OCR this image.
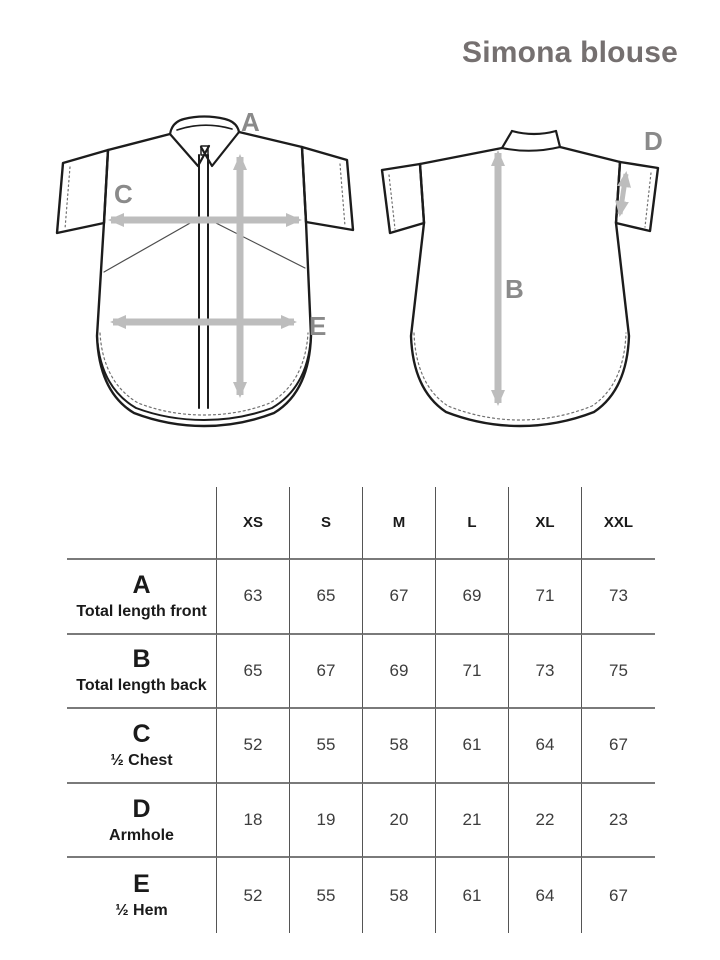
Simona blouse
A
C
E
B
D
XS	S	M	L	XL	XXL
A
Total length front
63	65	67	69	71	73
B
Total length back
65	67	69	71	73	75
C
½ Chest
52	55	58	61	64	67
D
Armhole
18	19	20	21	22	23
E
½ Hem
52	55	58	61	64	67
